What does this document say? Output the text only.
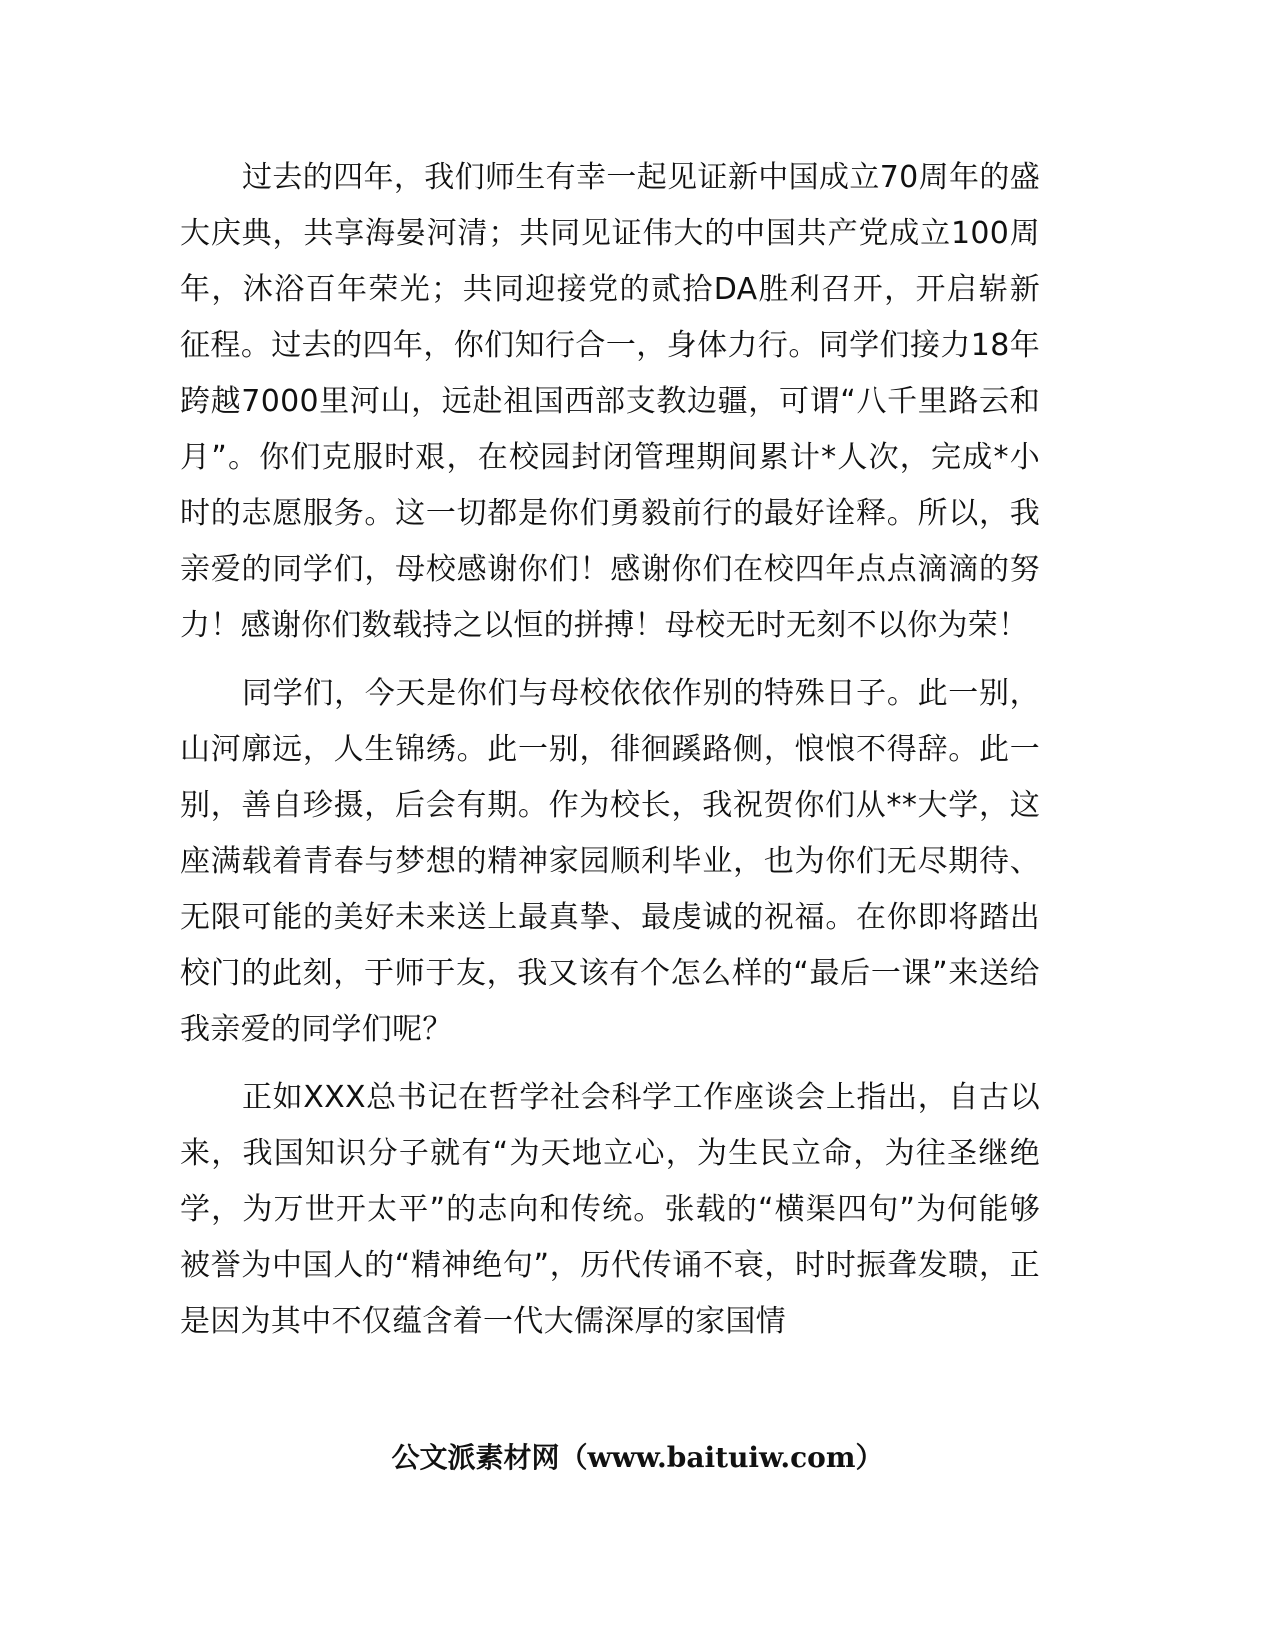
过去的四年，我们师生有幸一起见证新中国成立70周年的盛大庆典，共享海晏河清；共同见证伟大的中国共产党成立100周年，沐浴百年荣光；共同迎接党的贰拾DA胜利召开，开启崭新征程。过去的四年，你们知行合一，身体力行。同学们接力18年跨越7000里河山，远赴祖国西部支教边疆，可谓“八千里路云和月”。你们克服时艰，在校园封闭管理期间累计*人次，完成*小时的志愿服务。这一切都是你们勇毅前行的最好诠释。所以，我亲爱的同学们，母校感谢你们！感谢你们在校四年点点滴滴的努力！感谢你们数载持之以恒的拼搏！母校无时无刻不以你为荣！

同学们，今天是你们与母校依依作别的特殊日子。此一别，山河廓远，人生锦绣。此一别，徘徊蹊路侧，悢悢不得辞。此一别，善自珍摄，后会有期。作为校长，我祝贺你们从**大学，这座满载着青春与梦想的精神家园顺利毕业，也为你们无尽期待、无限可能的美好未来送上最真挚、最虔诚的祝福。在你即将踏出校门的此刻，于师于友，我又该有个怎么样的“最后一课”来送给我亲爱的同学们呢？

正如XXX总书记在哲学社会科学工作座谈会上指出，自古以来，我国知识分子就有“为天地立心，为生民立命，为往圣继绝学，为万世开太平”的志向和传统。张载的“横渠四句”为何能够被誉为中国人的“精神绝句”，历代传诵不衰，时时振聋发聩，正是因为其中不仅蕴含着一代大儒深厚的家国情

公文派素材网（www.baituiw.com）
